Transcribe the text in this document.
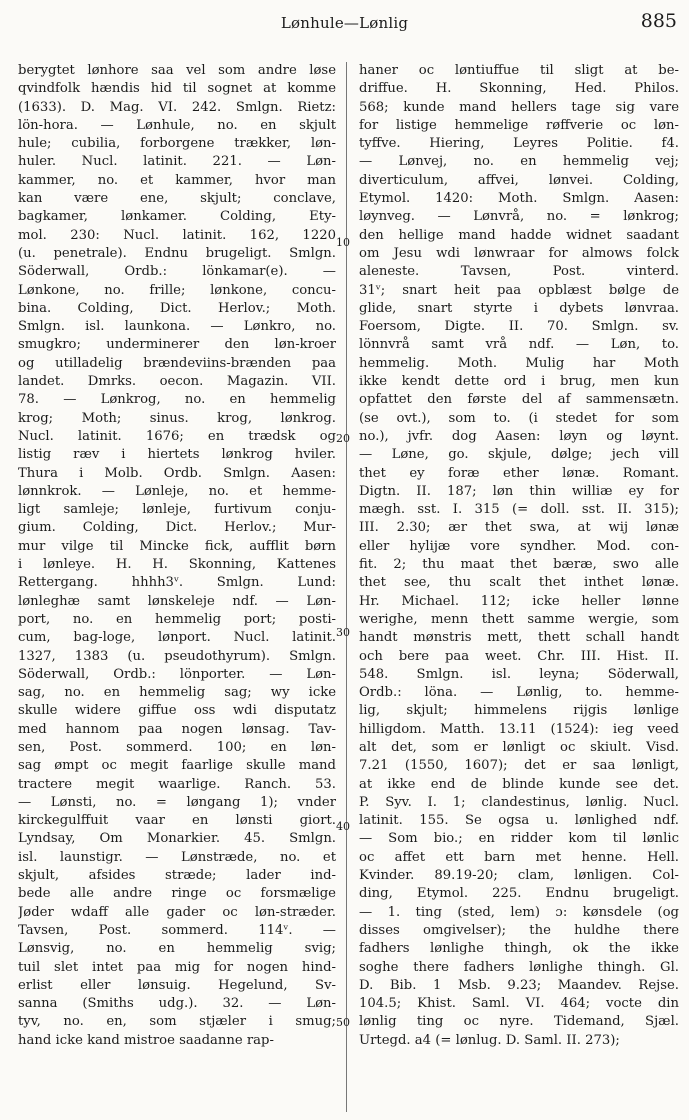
Lønhule—Lønlig	885
berygtet lønhore saa vel som andre løse
qvindfolk hændis hid til sognet at komme
(1633). D. Mag. VI. 242. Smlgn. Rietz:
lön-hora. — Lønhule, no. en skjult
hule; cubilia, forborgene trækker, løn-
huler. Nucl. latinit. 221. — Løn-
kammer, no. et kammer, hvor man
kan være ene, skjult; conclave,
bagkamer, lønkamer. Colding, Ety-
mol. 230: Nucl. latinit. 162, 1220
(u. penetrale). Endnu brugeligt. Smlgn.
Söderwall, Ordb.: lönkamar(e). —
Lønkone, no. frille; lønkone, concu-
bina. Colding, Dict. Herlov.; Moth.
Smlgn. isl. launkona. — Lønkro, no.
smugkro; underminerer den løn-kroer
og utilladelig brændeviins-brænden paa
landet. Dmrks. oecon. Magazin. VII.
78. — Lønkrog, no. en hemmelig
krog; Moth; sinus. krog, lønkrog.
Nucl. latinit. 1676; en trædsk og
listig ræv i hiertets lønkrog hviler.
Thura i Molb. Ordb. Smlgn. Aasen:
lønnkrok. — Lønleje, no. et hemme-
ligt samleje; lønleje, furtivum conju-
gium. Colding, Dict. Herlov.; Mur-
mur vilge til Mincke fick, aufflit børn
i lønleye. H. H. Skonning, Kattenes
Rettergang. hhhh3ᵛ. Smlgn. Lund:
lønleghæ samt lønskeleje ndf. — Løn-
port, no. en hemmelig port; posti-
cum, bag-loge, lønport. Nucl. latinit.
1327, 1383 (u. pseudothyrum). Smlgn.
Söderwall, Ordb.: lönporter. — Løn-
sag, no. en hemmelig sag; wy icke
skulle widere giffue oss wdi disputatz
med hannom paa nogen lønsag. Tav-
sen, Post. sommerd. 100; en løn-
sag ømpt oc megit faarlige skulle mand
tractere megit waarlige. Ranch. 53.
— Lønsti, no. = løngang 1); vnder
kirckegulffuit vaar en lønsti giort.
Lyndsay, Om Monarkier. 45. Smlgn.
isl. launstigr. — Lønstræde, no. et
skjult, afsides stræde; lader ind-
bede alle andre ringe oc forsmælige
Jøder wdaff alle gader oc løn-stræder.
Tavsen, Post. sommerd. 114ᵛ. —
Lønsvig, no. en hemmelig svig;
tuil slet intet paa mig for nogen hind-
erlist eller lønsuig. Hegelund, Sv-
sanna (Smiths udg.). 32. — Løn-
tyv, no. en, som stjæler i smug;
hand icke kand mistroe saadanne rap-
haner oc løntiuffue til sligt at be-
driffue. H. Skonning, Hed. Philos.
568; kunde mand hellers tage sig vare
for listige hemmelige røffverie oc løn-
tyffve. Hiering, Leyres Politie. f4.
— Lønvej, no. en hemmelig vej;
diverticulum, affvei, lønvei. Colding,
Etymol. 1420: Moth. Smlgn. Aasen:
løynveg. — Lønvrå, no. = lønkrog;
den hellige mand hadde widnet saadant
om Jesu wdi lønwraar for almows folck
aleneste. Tavsen, Post. vinterd.
31ᵛ; snart heit paa opblæst bølge de
glide, snart styrte i dybets lønvraa.
Foersom, Digte. II. 70. Smlgn. sv.
lönnvrå samt vrå ndf. — Løn, to.
hemmelig. Moth. Mulig har Moth
ikke kendt dette ord i brug, men kun
opfattet den første del af sammensætn.
(se ovt.), som to. (i stedet for som
no.), jvfr. dog Aasen: løyn og løynt.
— Løne, go. skjule, dølge; jech vill
thet ey foræ ether lønæ. Romant.
Digtn. II. 187; løn thin williæ ey for
mægh. sst. I. 315 (= doll. sst. II. 315);
III. 2.30; ær thet swa, at wij lønæ
eller hylijæ vore syndher. Mod. con-
fit. 2; thu maat thet bæræ, swo alle
thet see, thu scalt thet inthet lønæ.
Hr. Michael. 112; icke heller lønne
werighe, menn thett samme wergie, som
handt mønstris mett, thett schall handt
och bere paa weet. Chr. III. Hist. II.
548. Smlgn. isl. leyna; Söderwall,
Ordb.: löna. — Lønlig, to. hemme-
lig, skjult; himmelens rijgis lønlige
hilligdom. Matth. 13.11 (1524): ieg veed
alt det, som er lønligt oc skiult. Visd.
7.21 (1550, 1607); det er saa lønligt,
at ikke end de blinde kunde see det.
P. Syv. I. 1; clandestinus, lønlig. Nucl.
latinit. 155. Se ogsa u. lønlighed ndf.
— Som bio.; en ridder kom til lønlic
oc affet ett barn met henne. Hell.
Kvinder. 89.19-20; clam, lønligen. Col-
ding, Etymol. 225. Endnu brugeligt.
— 1. ting (sted, lem) ɔ: kønsdele (og
disses omgivelser); the huldhe there
fadhers lønlighe thingh, ok the ikke
soghe there fadhers lønlighe thingh. Gl.
D. Bib. 1 Msb. 9.23; Maandev. Rejse.
104.5; Khist. Saml. VI. 464; vocte din
lønlig ting oc nyre. Tidemand, Sjæl.
Urtegd. a4 (= lønlug. D. Saml. II. 273);
10
20
30
40
50
